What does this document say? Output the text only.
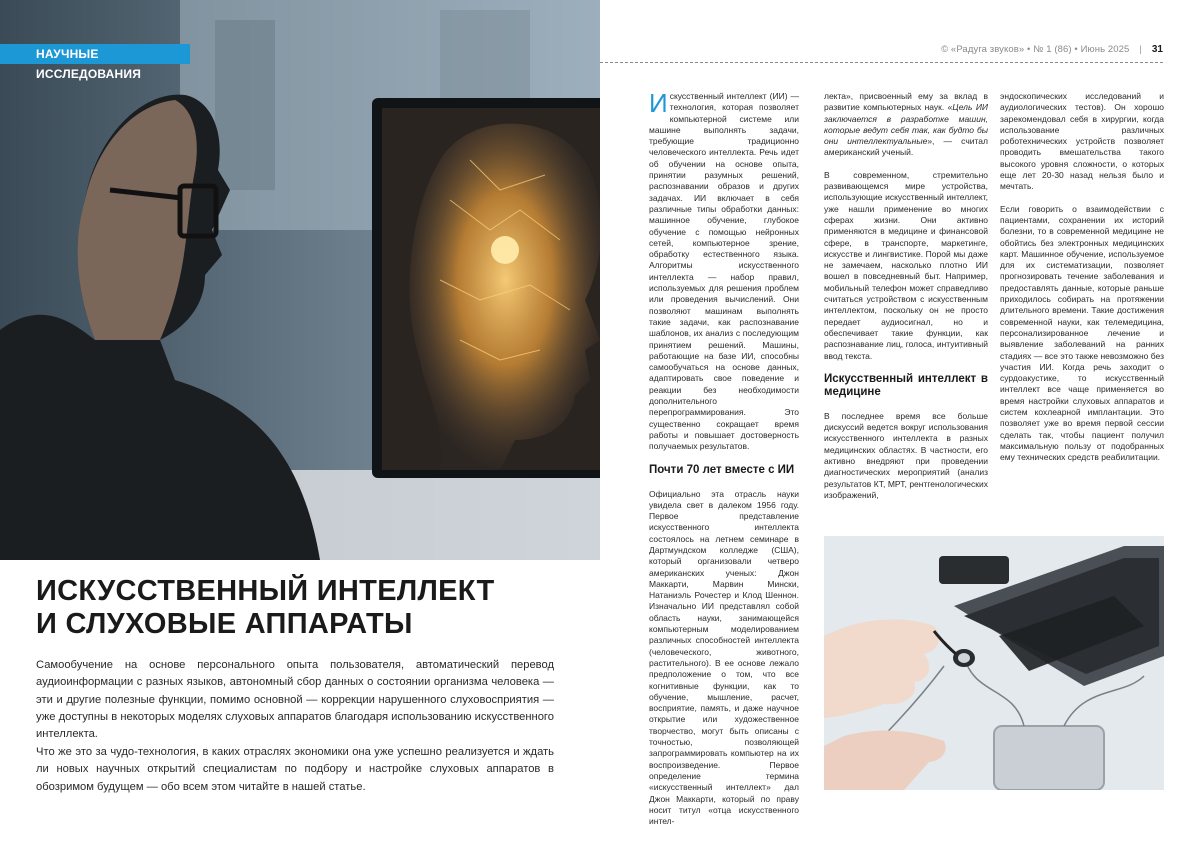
НАУЧНЫЕ ИССЛЕДОВАНИЯ
ИСКУССТВЕННЫЙ ИНТЕЛЛЕКТ
И СЛУХОВЫЕ АППАРАТЫ

Самообучение на основе персонального опыта пользователя, автоматический перевод аудиоинформации с разных языков, автономный сбор данных о состоянии организма человека — эти и другие полезные функции, помимо основной — коррекции нарушенного слуховосприятия — уже доступны в некоторых моделях слуховых аппаратов благодаря использованию искусственного интеллекта.

Что же это за чудо-технология, в каких отраслях экономики она уже успешно реализуется и ждать ли новых научных открытий специалистам по подбору и настройке слуховых аппаратов в обозримом будущем — обо всем этом читайте в нашей статье.

© «Радуга звуков» • № 1 (86) • Июнь 2025 | 31

Искусственный интеллект (ИИ) — технология, которая позволяет компьютерной системе или машине выполнять задачи, требующие традиционно человеческого интеллекта. Речь идет об обучении на основе опыта, принятии разумных решений, распознавании образов и других задачах. ИИ включает в себя различные типы обработки данных: машинное обучение, глубокое обучение с помощью нейронных сетей, компьютерное зрение, обработку естественного языка. Алгоритмы искусственного интеллекта — набор правил, используемых для решения проблем или проведения вычислений. Они позволяют машинам выполнять такие задачи, как распознавание шаблонов, их анализ с последующим принятием решений. Машины, работающие на базе ИИ, способны самообучаться на основе данных, адаптировать свое поведение и реакции без необходимости дополнительного перепрограммирования. Это существенно сокращает время работы и повышает достоверность получаемых результатов.

Почти 70 лет вместе с ИИ

Официально эта отрасль науки увидела свет в далеком 1956 году. Первое представление искусственного интеллекта состоялось на летнем семинаре в Дартмундском колледже (США), который организовали четверо американских ученых: Джон Маккарти, Марвин Мински, Натаниэль Рочестер и Клод Шеннон. Изначально ИИ представлял собой область науки, занимающейся компьютерным моделированием различных способностей интеллекта (человеческого, животного, растительного). В ее основе лежало предположение о том, что все когнитивные функции, как то обучение, мышление, расчет, восприятие, память, и даже научное открытие или художественное творчество, могут быть описаны с точностью, позволяющей запрограммировать компьютер на их воспроизведение. Первое определение термина «искусственный интеллект» дал Джон Маккарти, который по праву носит титул «отца искусственного интел-

лекта», присвоенный ему за вклад в развитие компьютерных наук. «Цель ИИ заключается в разработке машин, которые ведут себя так, как будто бы они интеллектуальные», — считал американский ученый.

В современном, стремительно развивающемся мире устройства, использующие искусственный интеллект, уже нашли применение во многих сферах жизни. Они активно применяются в медицине и финансовой сфере, в транспорте, маркетинге, искусстве и лингвистике. Порой мы даже не замечаем, насколько плотно ИИ вошел в повседневный быт. Например, мобильный телефон может справедливо считаться устройством с искусственным интеллектом, поскольку он не просто передает аудиосигнал, но и обеспечивает такие функции, как распознавание лиц, голоса, интуитивный ввод текста.

Искусственный интеллект в медицине

В последнее время все больше дискуссий ведется вокруг использования искусственного интеллекта в разных медицинских областях. В частности, его активно внедряют при проведении диагностических мероприятий (анализ результатов КТ, МРТ, рентгенологических изображений,

эндоскопических исследований и аудиологических тестов). Он хорошо зарекомендовал себя в хирургии, когда использование различных роботехнических устройств позволяет проводить вмешательства такого высокого уровня сложности, о которых еще лет 20-30 назад нельзя было и мечтать.

Если говорить о взаимодействии с пациентами, сохранении их историй болезни, то в современной медицине не обойтись без электронных медицинских карт. Машинное обучение, используемое для их систематизации, позволяет прогнозировать течение заболевания и предоставлять данные, которые раньше приходилось собирать на протяжении длительного времени. Такие достижения современной науки, как телемедицина, персонализированное лечение и выявление заболеваний на ранних стадиях — все это также невозможно без участия ИИ. Когда речь заходит о сурдоакустике, то искусственный интеллект все чаще применяется во время настройки слуховых аппаратов и систем кохлеарной имплантации. Это позволяет уже во время первой сессии сделать так, чтобы пациент получил максимальную пользу от подобранных ему технических средств реабилитации.
